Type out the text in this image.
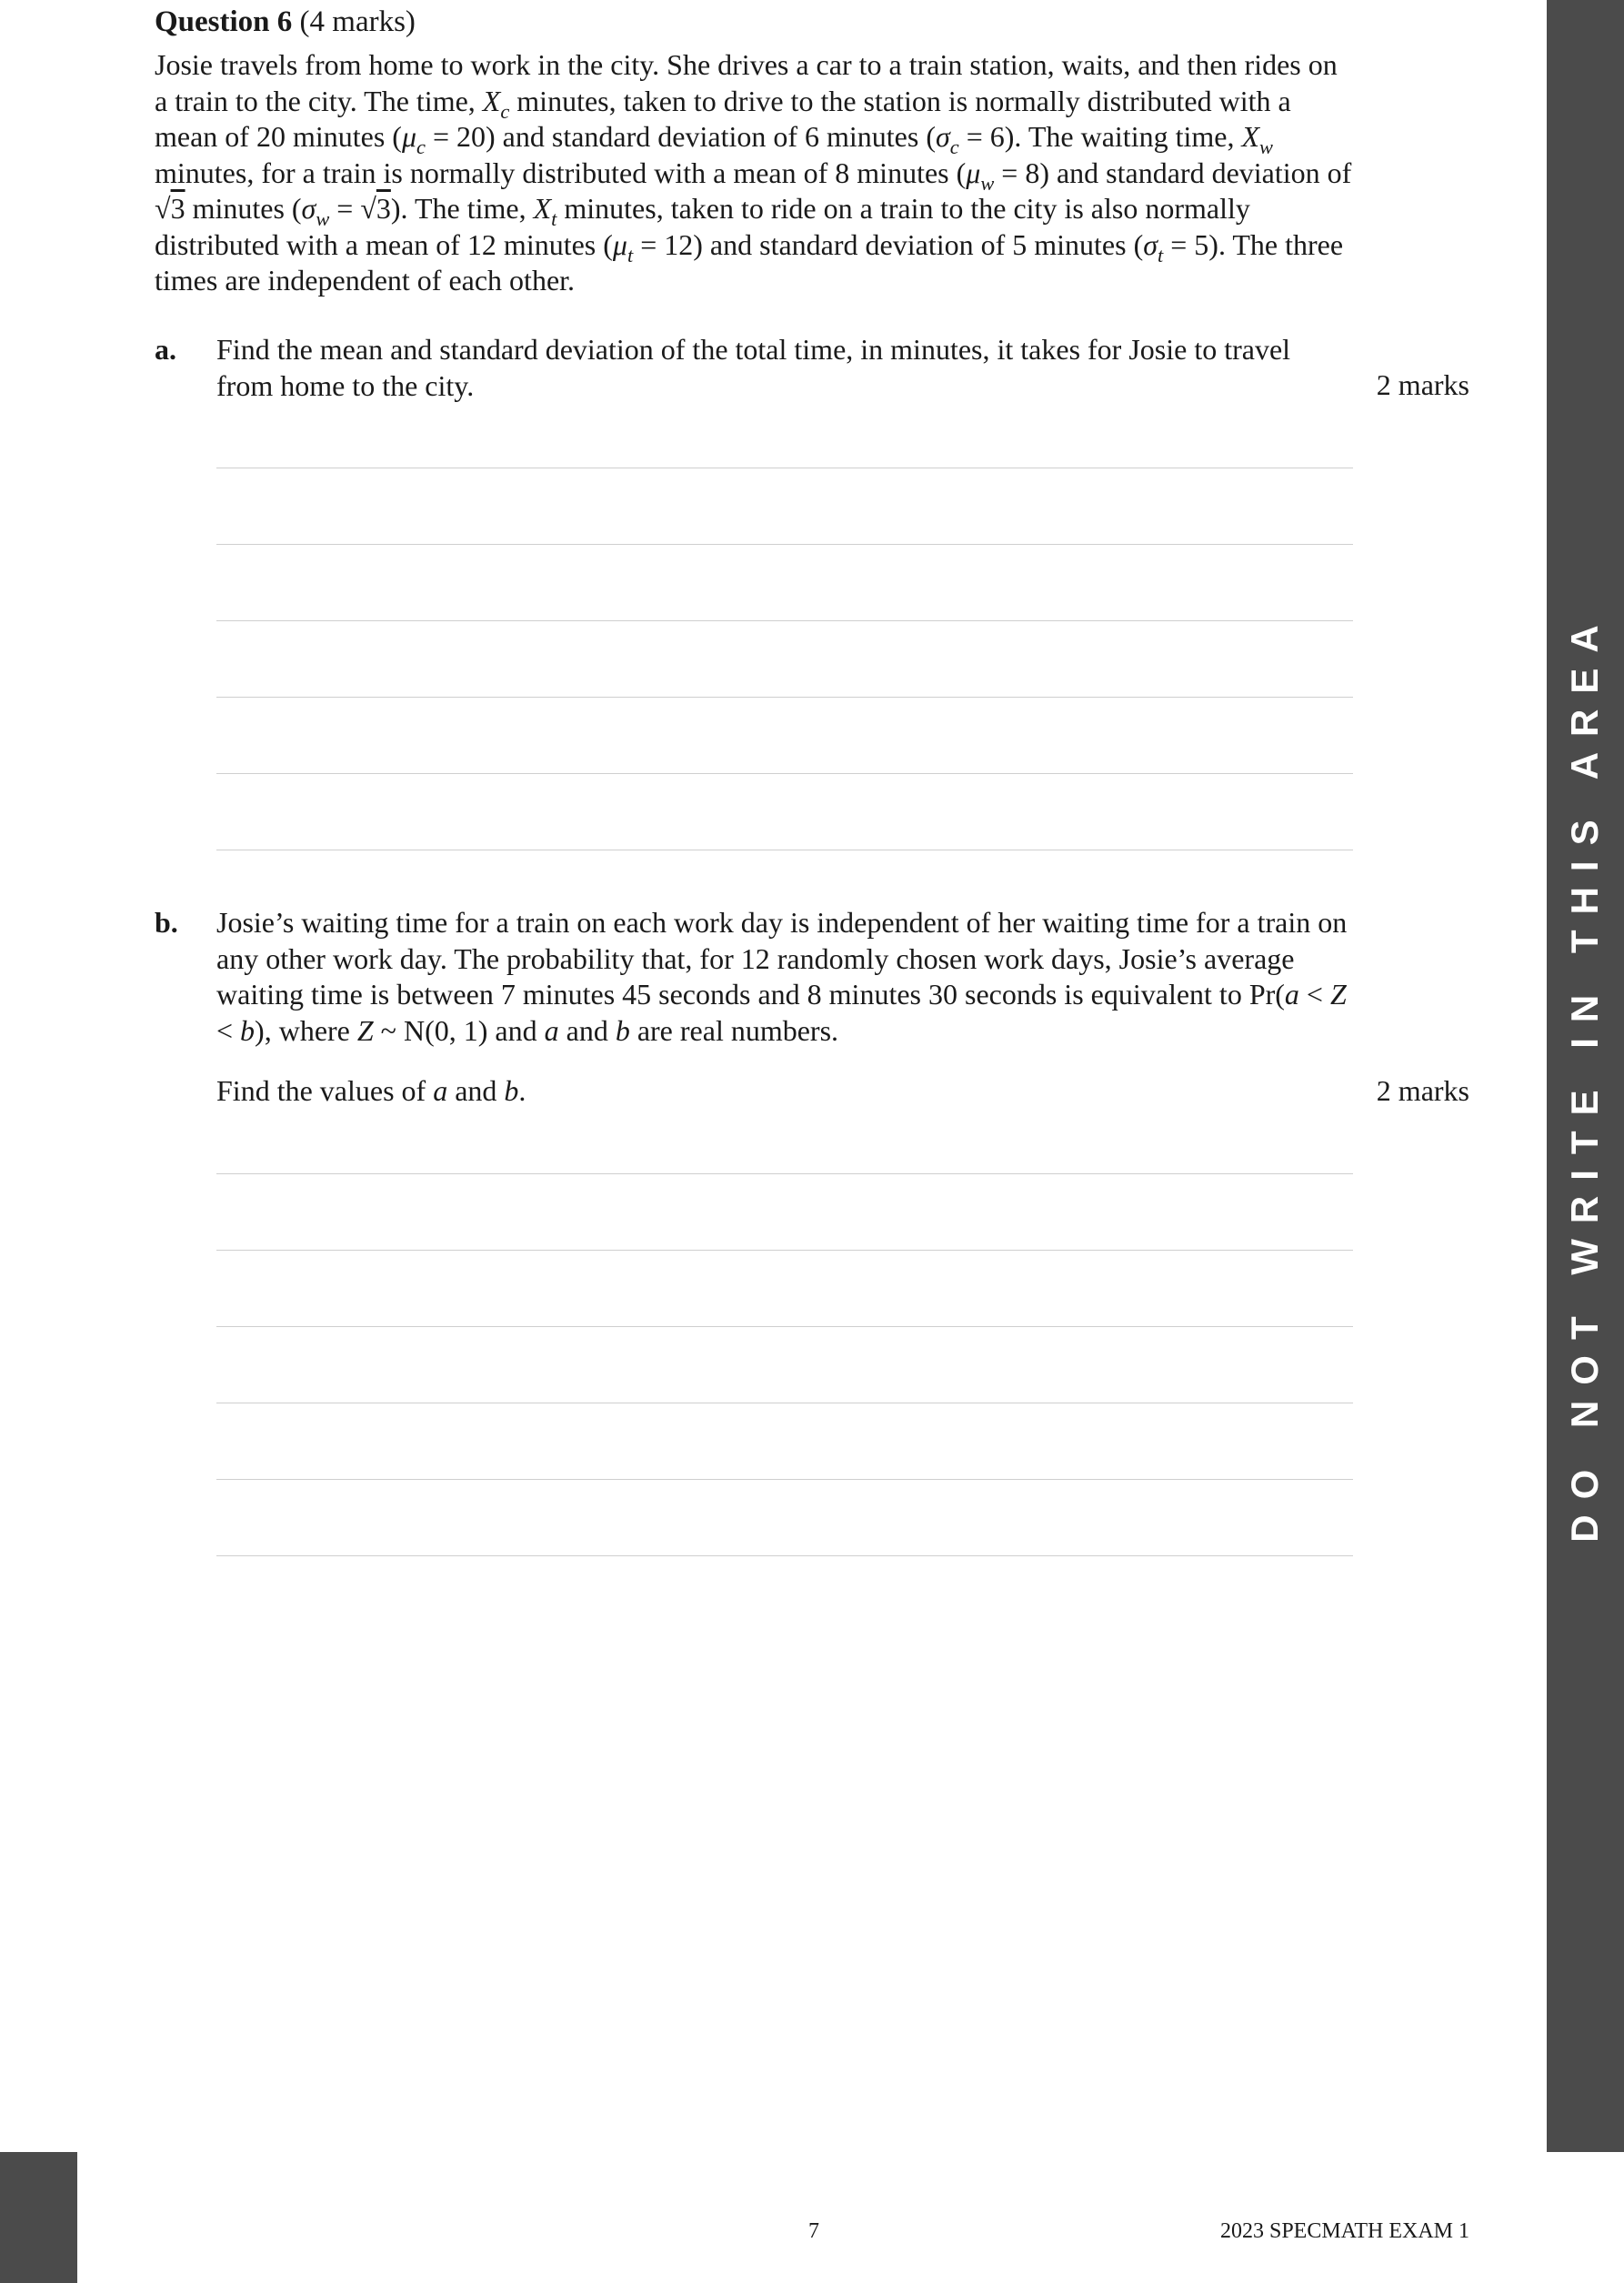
Question 6 (4 marks)

Josie travels from home to work in the city. She drives a car to a train station, waits, and then rides on a train to the city. The time, $X_c$ minutes, taken to drive to the station is normally distributed with a mean of 20 minutes $(\mu_c = 20)$ and standard deviation of 6 minutes $(\sigma_c = 6)$. The waiting time, $X_w$ minutes, for a train is normally distributed with a mean of 8 minutes $(\mu_w = 8)$ and standard deviation of √3 minutes $(\sigma_w = √3)$. The time, $X_t$ minutes, taken to ride on a train to the city is also normally distributed with a mean of 12 minutes $(\mu_t = 12)$ and standard deviation of 5 minutes $(\sigma_t = 5)$. The three times are independent of each other.

a. Find the mean and standard deviation of the total time, in minutes, it takes for Josie to travel from home to the city.	2 marks
b. Josie’s waiting time for a train on each work day is independent of her waiting time for a train on any other work day. The probability that, for 12 randomly chosen work days, Josie’s average waiting time is between 7 minutes 45 seconds and 8 minutes 30 seconds is equivalent to Pr(a < Z < b), where Z ~ N(0, 1) and a and b are real numbers.

Find the values of a and b.	2 marks DO NOT WRITE IN THIS AREA
7	2023 SPECMATH EXAM 1
